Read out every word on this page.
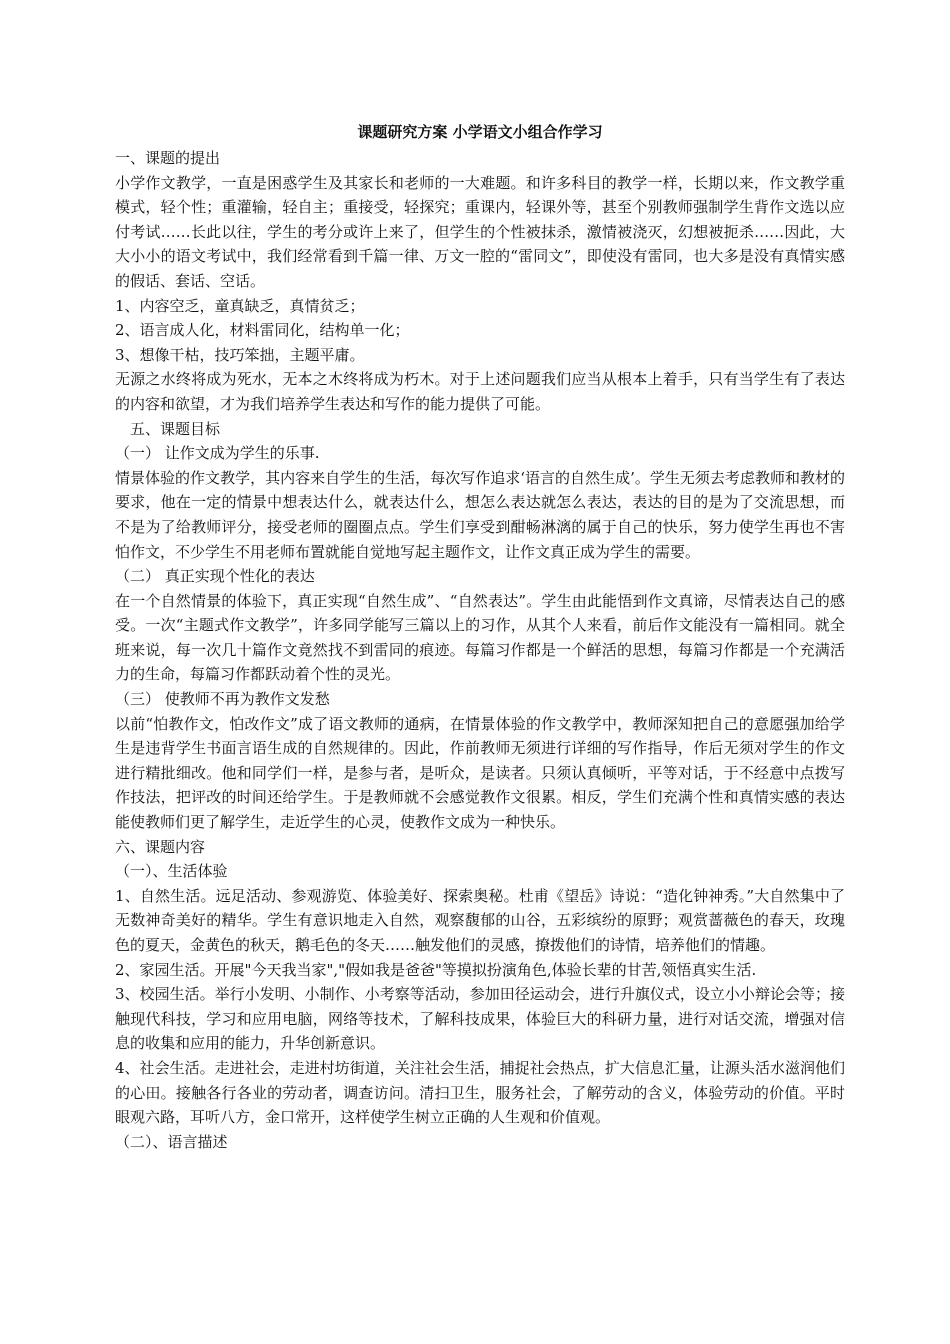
课题研究方案 小学语文小组合作学习

一、课题的提出

小学作文教学，一直是困惑学生及其家长和老师的一大难题。和许多科目的教学一样，长期以来，作文教学重模式，轻个性；重灌输，轻自主；重接受，轻探究；重课内，轻课外等，甚至个别教师强制学生背作文选以应付考试……长此以往，学生的考分或许上来了，但学生的个性被抹杀，激情被浇灭，幻想被扼杀……因此，大大小小的语文考试中，我们经常看到千篇一律、万文一腔的“雷同文”，即使没有雷同，也大多是没有真情实感的假话、套话、空话。

1、内容空乏，童真缺乏，真情贫乏；

2、语言成人化，材料雷同化，结构单一化；

3、想像干枯，技巧笨拙，主题平庸。

无源之水终将成为死水，无本之木终将成为朽木。对于上述问题我们应当从根本上着手，只有当学生有了表达的内容和欲望，才为我们培养学生表达和写作的能力提供了可能。

五、课题目标

（一） 让作文成为学生的乐事.

情景体验的作文教学，其内容来自学生的生活，每次写作追求‘语言的自然生成’。学生无须去考虑教师和教材的要求，他在一定的情景中想表达什么，就表达什么，想怎么表达就怎么表达，表达的目的是为了交流思想，而不是为了给教师评分，接受老师的圈圈点点。学生们享受到酣畅淋漓的属于自己的快乐，努力使学生再也不害怕作文，不少学生不用老师布置就能自觉地写起主题作文，让作文真正成为学生的需要。

（二） 真正实现个性化的表达

在一个自然情景的体验下，真正实现“自然生成”、“自然表达”。学生由此能悟到作文真谛，尽情表达自己的感受。一次“主题式作文教学”，许多同学能写三篇以上的习作，从其个人来看，前后作文能没有一篇相同。就全班来说，每一次几十篇作文竟然找不到雷同的痕迹。每篇习作都是一个鲜活的思想，每篇习作都是一个充满活力的生命，每篇习作都跃动着个性的灵光。

（三） 使教师不再为教作文发愁

以前“怕教作文，怕改作文”成了语文教师的通病，在情景体验的作文教学中，教师深知把自己的意愿强加给学生是违背学生书面言语生成的自然规律的。因此，作前教师无须进行详细的写作指导，作后无须对学生的作文进行精批细改。他和同学们一样，是参与者，是听众，是读者。只须认真倾听，平等对话，于不经意中点拨写作技法，把评改的时间还给学生。于是教师就不会感觉教作文很累。相反，学生们充满个性和真情实感的表达能使教师们更了解学生，走近学生的心灵，使教作文成为一种快乐。

六、课题内容

（一）、生活体验

1、自然生活。远足活动、参观游览、体验美好、探索奥秘。杜甫《望岳》诗说：“造化钟神秀。”大自然集中了无数神奇美好的精华。学生有意识地走入自然，观察馥郁的山谷，五彩缤纷的原野；观赏蔷薇色的春天，玫瑰色的夏天，金黄色的秋天，鹅毛色的冬天……触发他们的灵感，撩拨他们的诗情，培养他们的情趣。

2、家园生活。开展"今天我当家","假如我是爸爸"等摸拟扮演角色,体验长辈的甘苦,领悟真实生活.

3、校园生活。举行小发明、小制作、小考察等活动，参加田径运动会，进行升旗仪式，设立小小辩论会等；接触现代科技，学习和应用电脑，网络等技术，了解科技成果，体验巨大的科研力量，进行对话交流，增强对信息的收集和应用的能力，升华创新意识。

4、社会生活。走进社会，走进村坊街道，关注社会生活，捕捉社会热点，扩大信息汇量，让源头活水滋润他们的心田。接触各行各业的劳动者，调查访问。清扫卫生，服务社会，了解劳动的含义，体验劳动的价值。平时眼观六路，耳听八方，金口常开，这样使学生树立正确的人生观和价值观。

（二）、语言描述
